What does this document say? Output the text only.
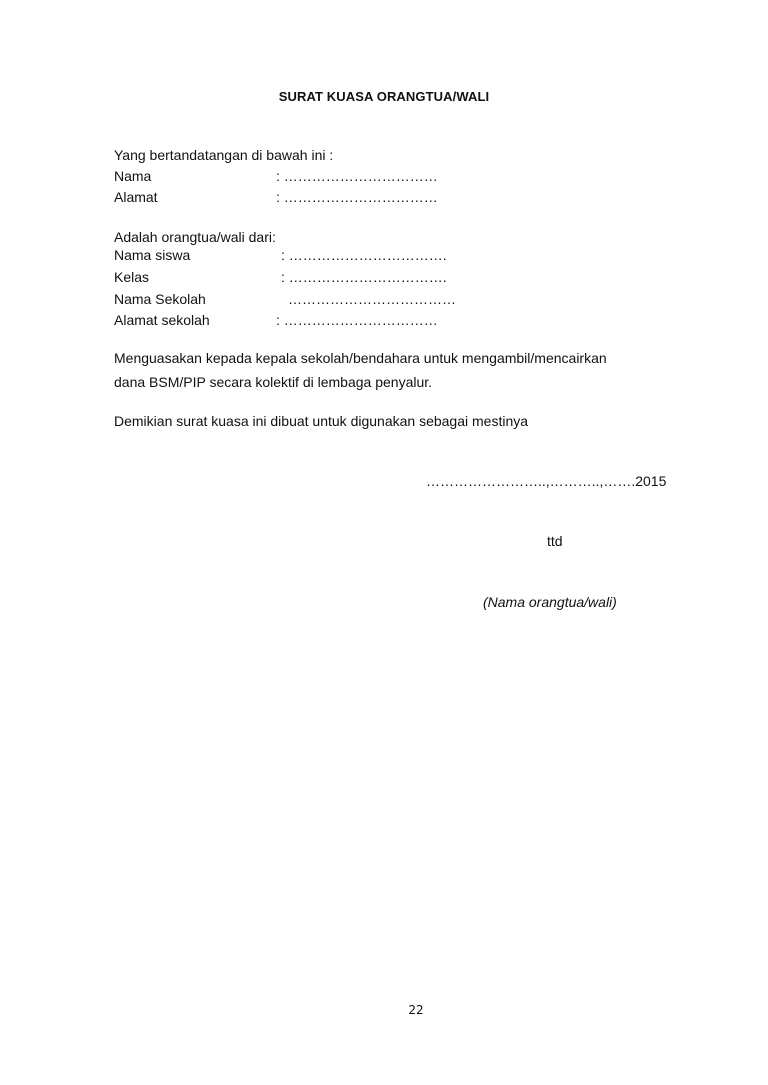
SURAT KUASA ORANGTUA/WALI
Yang bertandatangan di bawah ini :
Nama	: ……………………………
Alamat	: ……………………………
Adalah orangtua/wali dari:
Nama siswa	: …………………………….
Kelas	: …………………………….
Nama Sekolah	………………………………
Alamat sekolah	: ……………………………
Menguasakan kepada kepala sekolah/bendahara untuk mengambil/mencairkan
dana BSM/PIP secara kolektif di lembaga penyalur.
Demikian surat kuasa ini dibuat untuk digunakan sebagai mestinya
……………………..,………..,…….2015
ttd
(Nama orangtua/wali)
22
